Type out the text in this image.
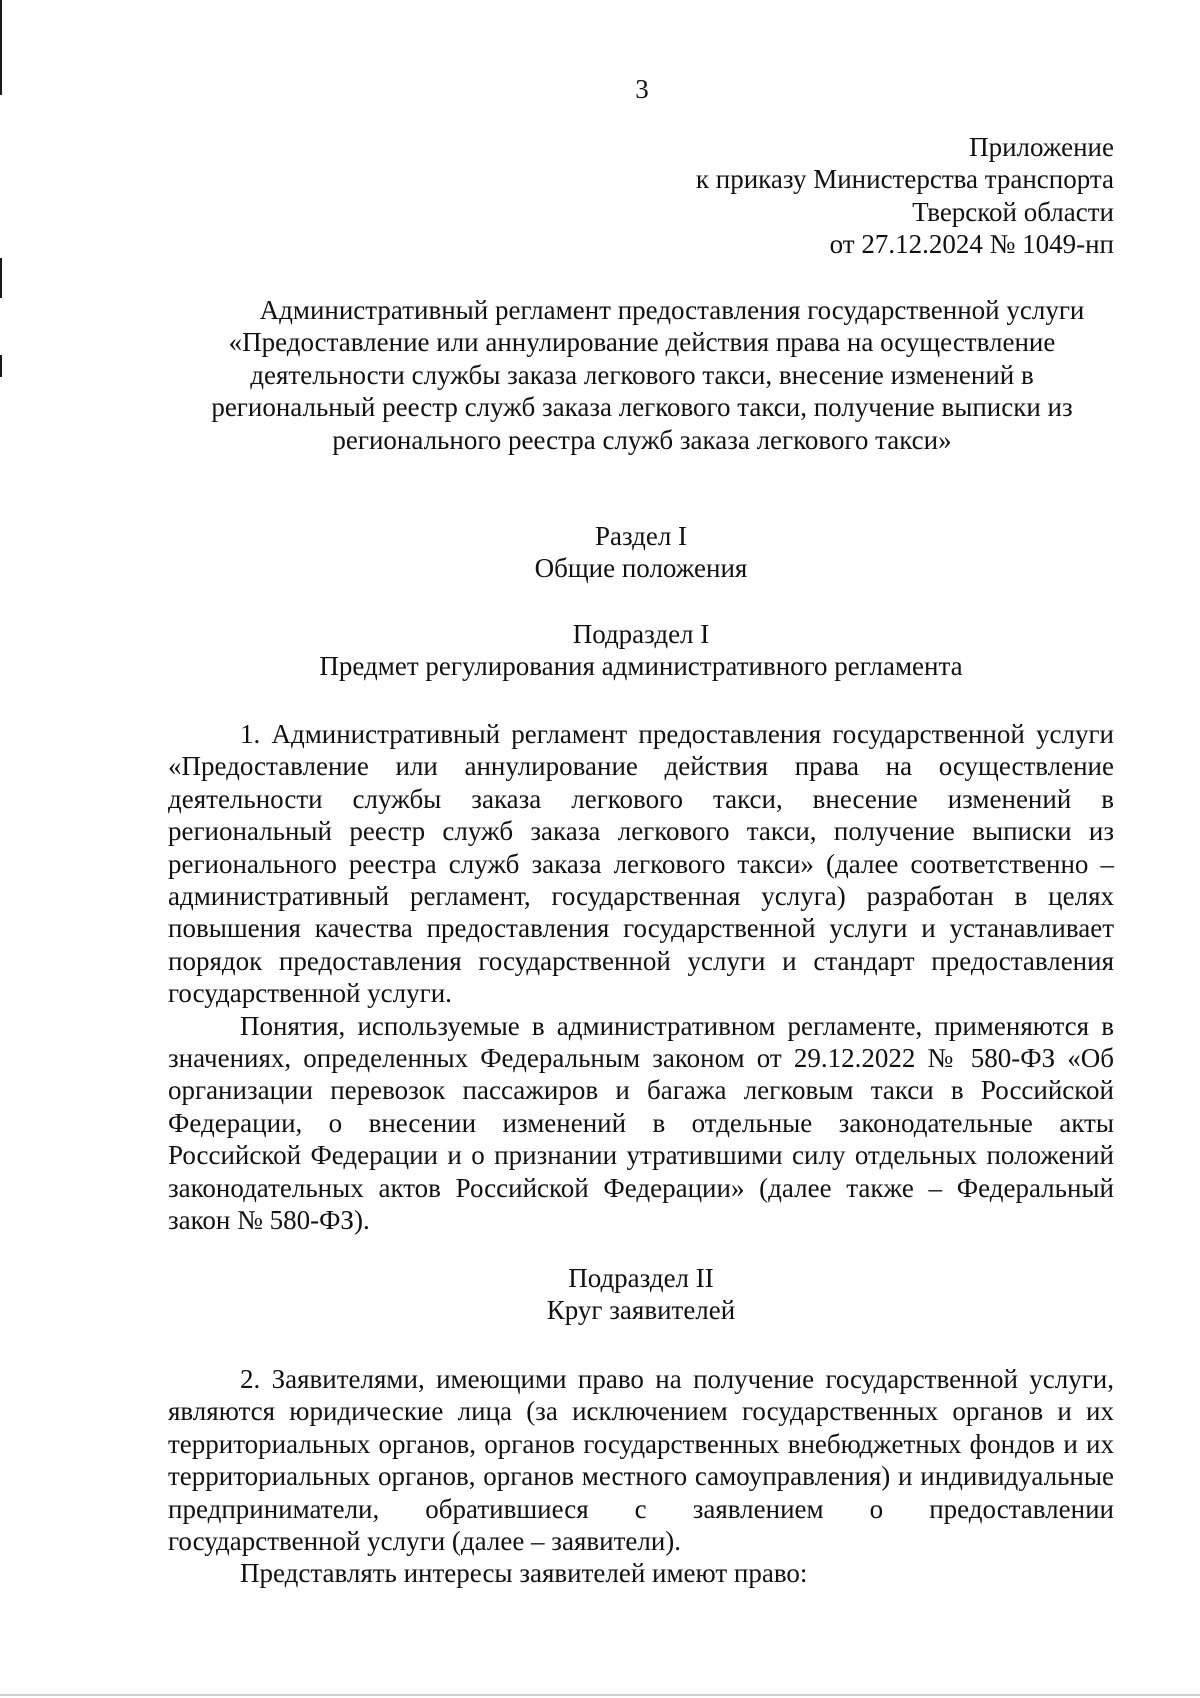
3
Приложение
к приказу Министерства транспорта
Тверской области
от 27.12.2024 № 1049-нп
Административный регламент предоставления государственной услуги
«Предоставление или аннулирование действия права на осуществление деятельности службы заказа легкового такси, внесение изменений в региональный реестр служб заказа легкового такси, получение выписки из регионального реестра служб заказа легкового такси»
Раздел I
Общие положения
Подраздел I
Предмет регулирования административного регламента

1. Административный регламент предоставления государственной услуги «Предоставление или аннулирование действия права на осуществление деятельности службы заказа легкового такси, внесение изменений в региональный реестр служб заказа легкового такси, получение выписки из регионального реестра служб заказа легкового такси» (далее соответственно – административный регламент, государственная услуга) разработан в целях повышения качества предоставления государственной услуги и устанавливает порядок предоставления государственной услуги и стандарт предоставления государственной услуги.

Понятия, используемые в административном регламенте, применяются в значениях, определенных Федеральным законом от 29.12.2022 № 580-ФЗ «Об организации перевозок пассажиров и багажа легковым такси в Российской Федерации, о внесении изменений в отдельные законодательные акты Российской Федерации и о признании утратившими силу отдельных положений законодательных актов Российской Федерации» (далее также – Федеральный закон № 580-ФЗ).

Подраздел II
Круг заявителей

2. Заявителями, имеющими право на получение государственной услуги, являются юридические лица (за исключением государственных органов и их территориальных органов, органов государственных внебюджетных фондов и их территориальных органов, органов местного самоуправления) и индивидуальные предприниматели, обратившиеся с заявлением о предоставлении государственной услуги (далее – заявители).

Представлять интересы заявителей имеют право:
